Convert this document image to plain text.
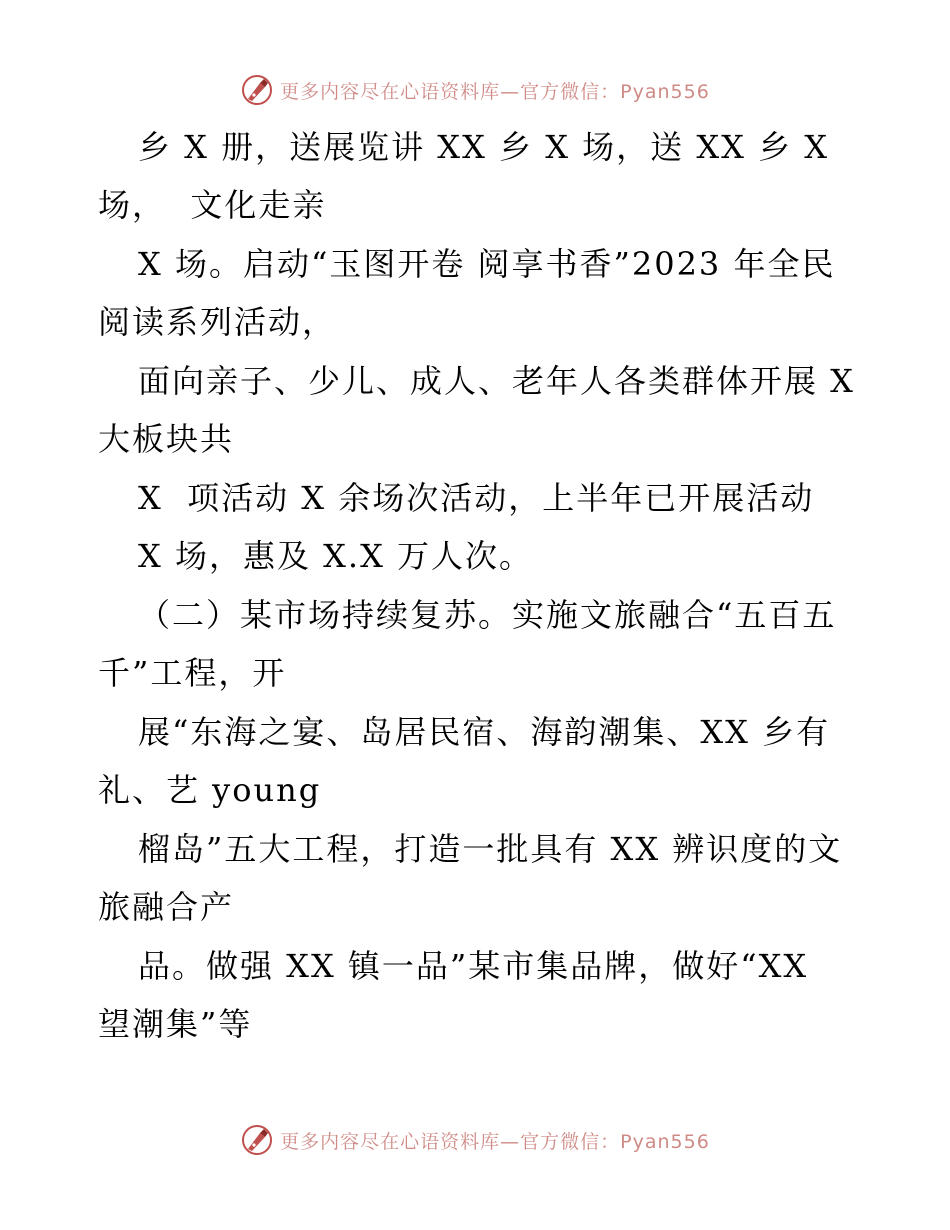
更多内容尽在心语资料库—官方微信：Pyan556
乡 X 册，送展览讲 XX 乡 X 场，送 XX 乡 X
场，  文化走亲
X 场。启动“玉图开卷 阅享书香”2023 年全民
阅读系列活动，
面向亲子、少儿、成人、老年人各类群体开展 X
大板块共
X  项活动 X 余场次活动，上半年已开展活动
X 场，惠及 X.X 万人次。
（二）某市场持续复苏。实施文旅融合“五百五
千”工程，开
展“东海之宴、岛居民宿、海韵潮集、XX 乡有
礼、艺 young
榴岛”五大工程，打造一批具有 XX 辨识度的文
旅融合产
品。做强 XX 镇一品”某市集品牌，做好“XX
望潮集”等
更多内容尽在心语资料库—官方微信：Pyan556
